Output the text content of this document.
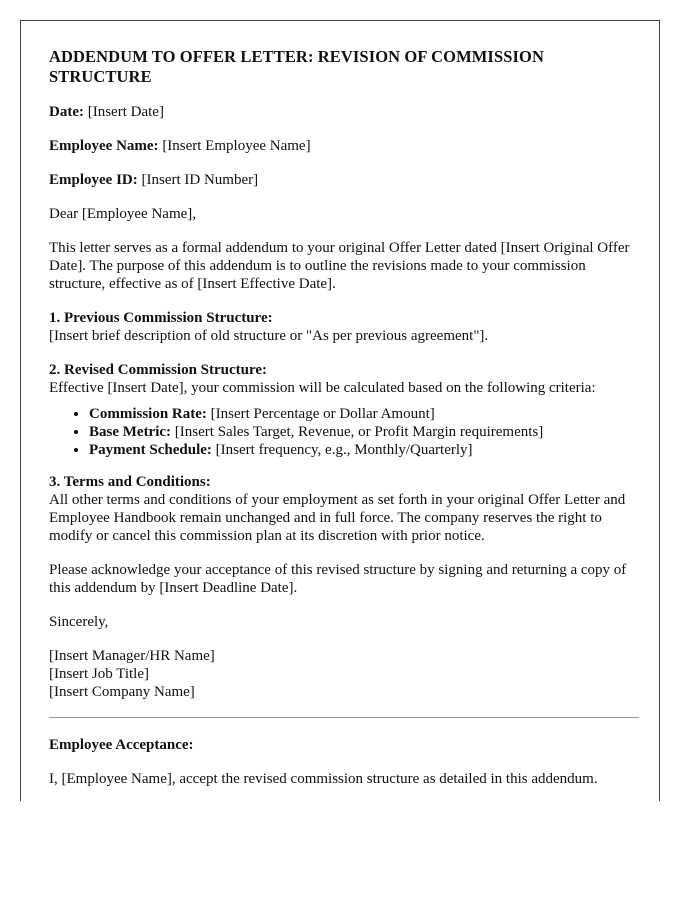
ADDENDUM TO OFFER LETTER: REVISION OF COMMISSION STRUCTURE

Date: [Insert Date]

Employee Name: [Insert Employee Name]

Employee ID: [Insert ID Number]

Dear [Employee Name],

This letter serves as a formal addendum to your original Offer Letter dated [Insert Original Offer Date]. The purpose of this addendum is to outline the revisions made to your commission structure, effective as of [Insert Effective Date].

1. Previous Commission Structure:
[Insert brief description of old structure or "As per previous agreement"].

2. Revised Commission Structure:
Effective [Insert Date], your commission will be calculated based on the following criteria:
• Commission Rate: [Insert Percentage or Dollar Amount]
• Base Metric: [Insert Sales Target, Revenue, or Profit Margin requirements]
• Payment Schedule: [Insert frequency, e.g., Monthly/Quarterly]

3. Terms and Conditions:
All other terms and conditions of your employment as set forth in your original Offer Letter and Employee Handbook remain unchanged and in full force. The company reserves the right to modify or cancel this commission plan at its discretion with prior notice.

Please acknowledge your acceptance of this revised structure by signing and returning a copy of this addendum by [Insert Deadline Date].

Sincerely,

[Insert Manager/HR Name]

[Insert Job Title]

[Insert Company Name]

Employee Acceptance:

I, [Employee Name], accept the revised commission structure as detailed in this addendum.
